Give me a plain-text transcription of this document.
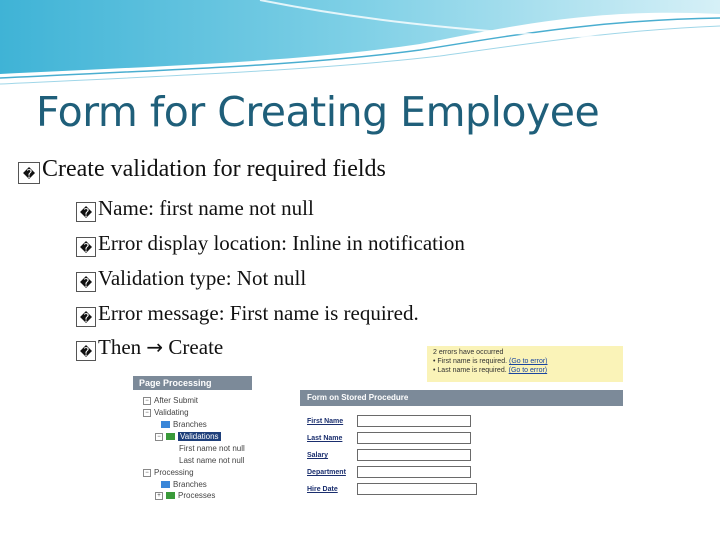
Form for Creating Employee
� Create validation for required fields
� Name: first name not null
� Error display location: Inline in notification
� Validation type: Not null
� Error message: First name is required.
� Then → Create
Page Processing
− After Submit
− Validating
Branches
− Validations
First name not null
Last name not null
− Processing
Branches
+ Processes
2 errors have occurred
• First name is required. (Go to error)
• Last name is required. (Go to error)
Form on Stored Procedure
First Name
Last Name
Salary
Department
Hire Date
